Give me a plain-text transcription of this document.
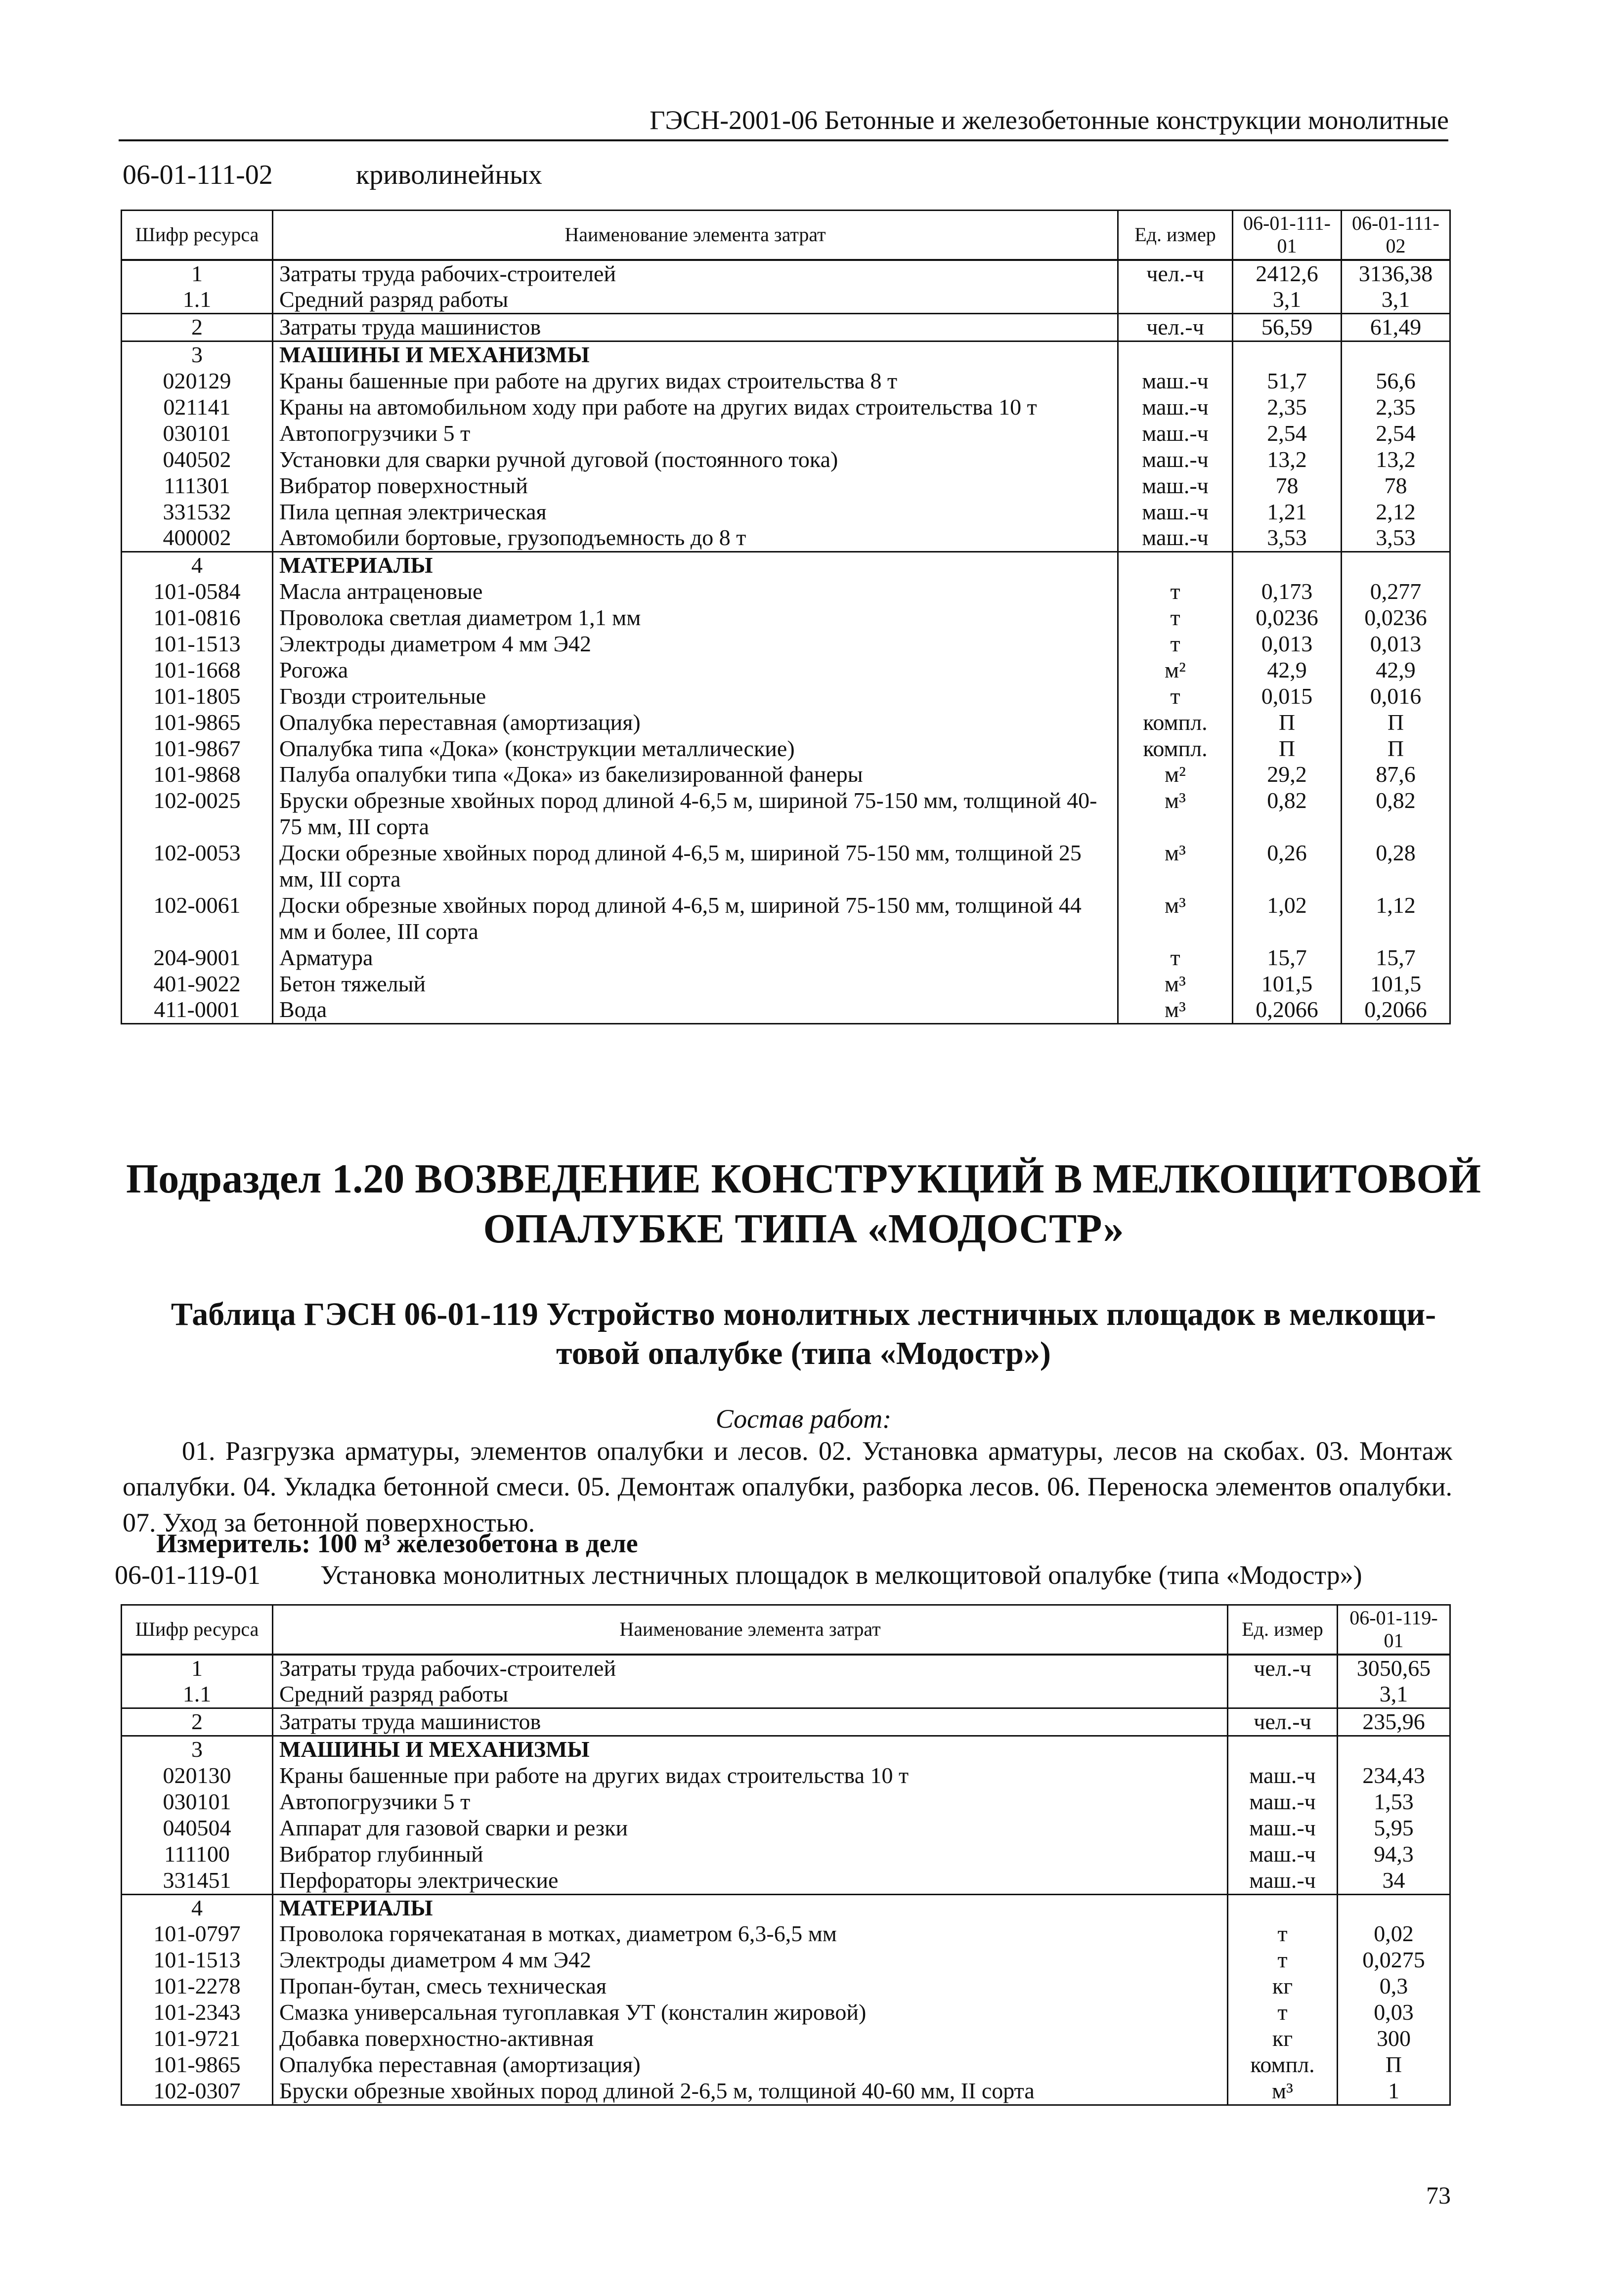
ГЭСН-2001-06 Бетонные и железобетонные конструкции монолитные
06-01-111-02	криволинейных
Шифр ресурса	Наименование элемента затрат	Ед. измер	06-01-111-01	06-01-111-02
1	Затраты труда рабочих-строителей	чел.-ч	2412,6	3136,38
1.1	Средний разряд работы		3,1	3,1
2	Затраты труда машинистов	чел.-ч	56,59	61,49
3	МАШИНЫ И МЕХАНИЗМЫ			
020129	Краны башенные при работе на других видах строительства 8 т	маш.-ч	51,7	56,6
021141	Краны на автомобильном ходу при работе на других видах строительства 10 т	маш.-ч	2,35	2,35
030101	Автопогрузчики 5 т	маш.-ч	2,54	2,54
040502	Установки для сварки ручной дуговой (постоянного тока)	маш.-ч	13,2	13,2
111301	Вибратор поверхностный	маш.-ч	78	78
331532	Пила цепная электрическая	маш.-ч	1,21	2,12
400002	Автомобили бортовые, грузоподъемность до 8 т	маш.-ч	3,53	3,53
4	МАТЕРИАЛЫ			
101-0584	Масла антраценовые	т	0,173	0,277
101-0816	Проволока светлая диаметром 1,1 мм	т	0,0236	0,0236
101-1513	Электроды диаметром 4 мм Э42	т	0,013	0,013
101-1668	Рогожа	м²	42,9	42,9
101-1805	Гвозди строительные	т	0,015	0,016
101-9865	Опалубка переставная (амортизация)	компл.	П	П
101-9867	Опалубка типа «Дока» (конструкции металлические)	компл.	П	П
101-9868	Палуба опалубки типа «Дока» из бакелизированной фанеры	м²	29,2	87,6
102-0025	Бруски обрезные хвойных пород длиной 4-6,5 м, шириной 75-150 мм, толщиной 40-75 мм, III сорта	м³	0,82	0,82
102-0053	Доски обрезные хвойных пород длиной 4-6,5 м, шириной 75-150 мм, толщиной 25 мм, III сорта	м³	0,26	0,28
102-0061	Доски обрезные хвойных пород длиной 4-6,5 м, шириной 75-150 мм, толщиной 44 мм и более, III сорта	м³	1,02	1,12
204-9001	Арматура	т	15,7	15,7
401-9022	Бетон тяжелый	м³	101,5	101,5
411-0001	Вода	м³	0,2066	0,2066
Подраздел 1.20 ВОЗВЕДЕНИЕ КОНСТРУКЦИЙ В МЕЛКОЩИТОВОЙ
ОПАЛУБКЕ ТИПА «МОДОСТР»
Таблица ГЭСН 06-01-119 Устройство монолитных лестничных площадок в мелкощи-
товой опалубке (типа «Модостр»)
Состав работ:
01. Разгрузка арматуры, элементов опалубки и лесов. 02. Установка арматуры, лесов на скобах. 03. Монтаж опалубки. 04. Укладка бетонной смеси. 05. Демонтаж опалубки, разборка лесов. 06. Переноска элементов опалубки. 07. Уход за бетонной поверхностью.
Измеритель: 100 м³ железобетона в деле
06-01-119-01 Установка монолитных лестничных площадок в мелкощитовой опалубке (типа «Модостр»)
Шифр ресурса	Наименование элемента затрат	Ед. измер	06-01-119-01
1	Затраты труда рабочих-строителей	чел.-ч	3050,65
1.1	Средний разряд работы		3,1
2	Затраты труда машинистов	чел.-ч	235,96
3	МАШИНЫ И МЕХАНИЗМЫ		
020130	Краны башенные при работе на других видах строительства 10 т	маш.-ч	234,43
030101	Автопогрузчики 5 т	маш.-ч	1,53
040504	Аппарат для газовой сварки и резки	маш.-ч	5,95
111100	Вибратор глубинный	маш.-ч	94,3
331451	Перфораторы электрические	маш.-ч	34
4	МАТЕРИАЛЫ		
101-0797	Проволока горячекатаная в мотках, диаметром 6,3-6,5 мм	т	0,02
101-1513	Электроды диаметром 4 мм Э42	т	0,0275
101-2278	Пропан-бутан, смесь техническая	кг	0,3
101-2343	Смазка универсальная тугоплавкая УТ (консталин жировой)	т	0,03
101-9721	Добавка поверхностно-активная	кг	300
101-9865	Опалубка переставная (амортизация)	компл.	П
102-0307	Бруски обрезные хвойных пород длиной 2-6,5 м, толщиной 40-60 мм, II сорта	м³	1
73
